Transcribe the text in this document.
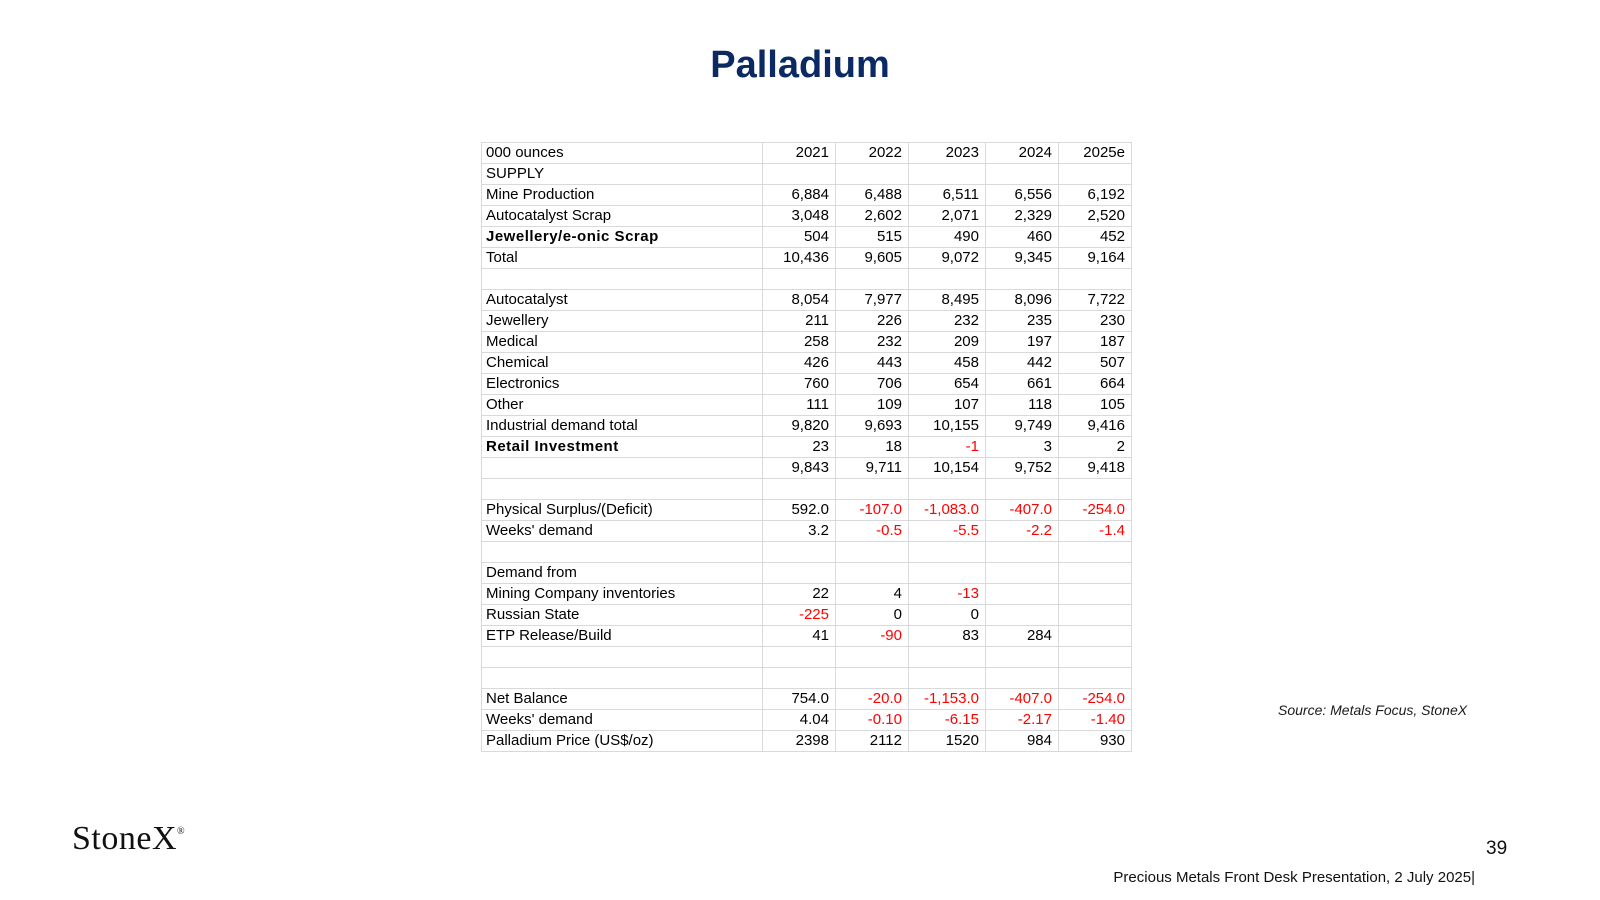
Palladium
000 ounces	2021	2022	2023	2024	2025e
SUPPLY					
Mine Production	6,884	6,488	6,511	6,556	6,192
Autocatalyst Scrap	3,048	2,602	2,071	2,329	2,520
Jewellery/e-onic Scrap	504	515	490	460	452
Total	10,436	9,605	9,072	9,345	9,164

Autocatalyst	8,054	7,977	8,495	8,096	7,722
Jewellery	211	226	232	235	230
Medical	258	232	209	197	187
Chemical	426	443	458	442	507
Electronics	760	706	654	661	664
Other	111	109	107	118	105
Industrial demand total	9,820	9,693	10,155	9,749	9,416
Retail Investment	23	18	-1	3	2
	9,843	9,711	10,154	9,752	9,418

Physical Surplus/(Deficit)	592.0	-107.0	-1,083.0	-407.0	-254.0
Weeks' demand	3.2	-0.5	-5.5	-2.2	-1.4

Demand from					
Mining Company inventories	22	4	-13		
Russian State	-225	0	0		
ETP Release/Build	41	-90	83	284	

Net Balance	754.0	-20.0	-1,153.0	-407.0	-254.0
Weeks' demand	4.04	-0.10	-6.15	-2.17	-1.40
Palladium Price (US$/oz)	2398	2112	1520	984	930
Source: Metals Focus, StoneX
StoneX®
39
Precious Metals Front Desk Presentation, 2 July 2025|
